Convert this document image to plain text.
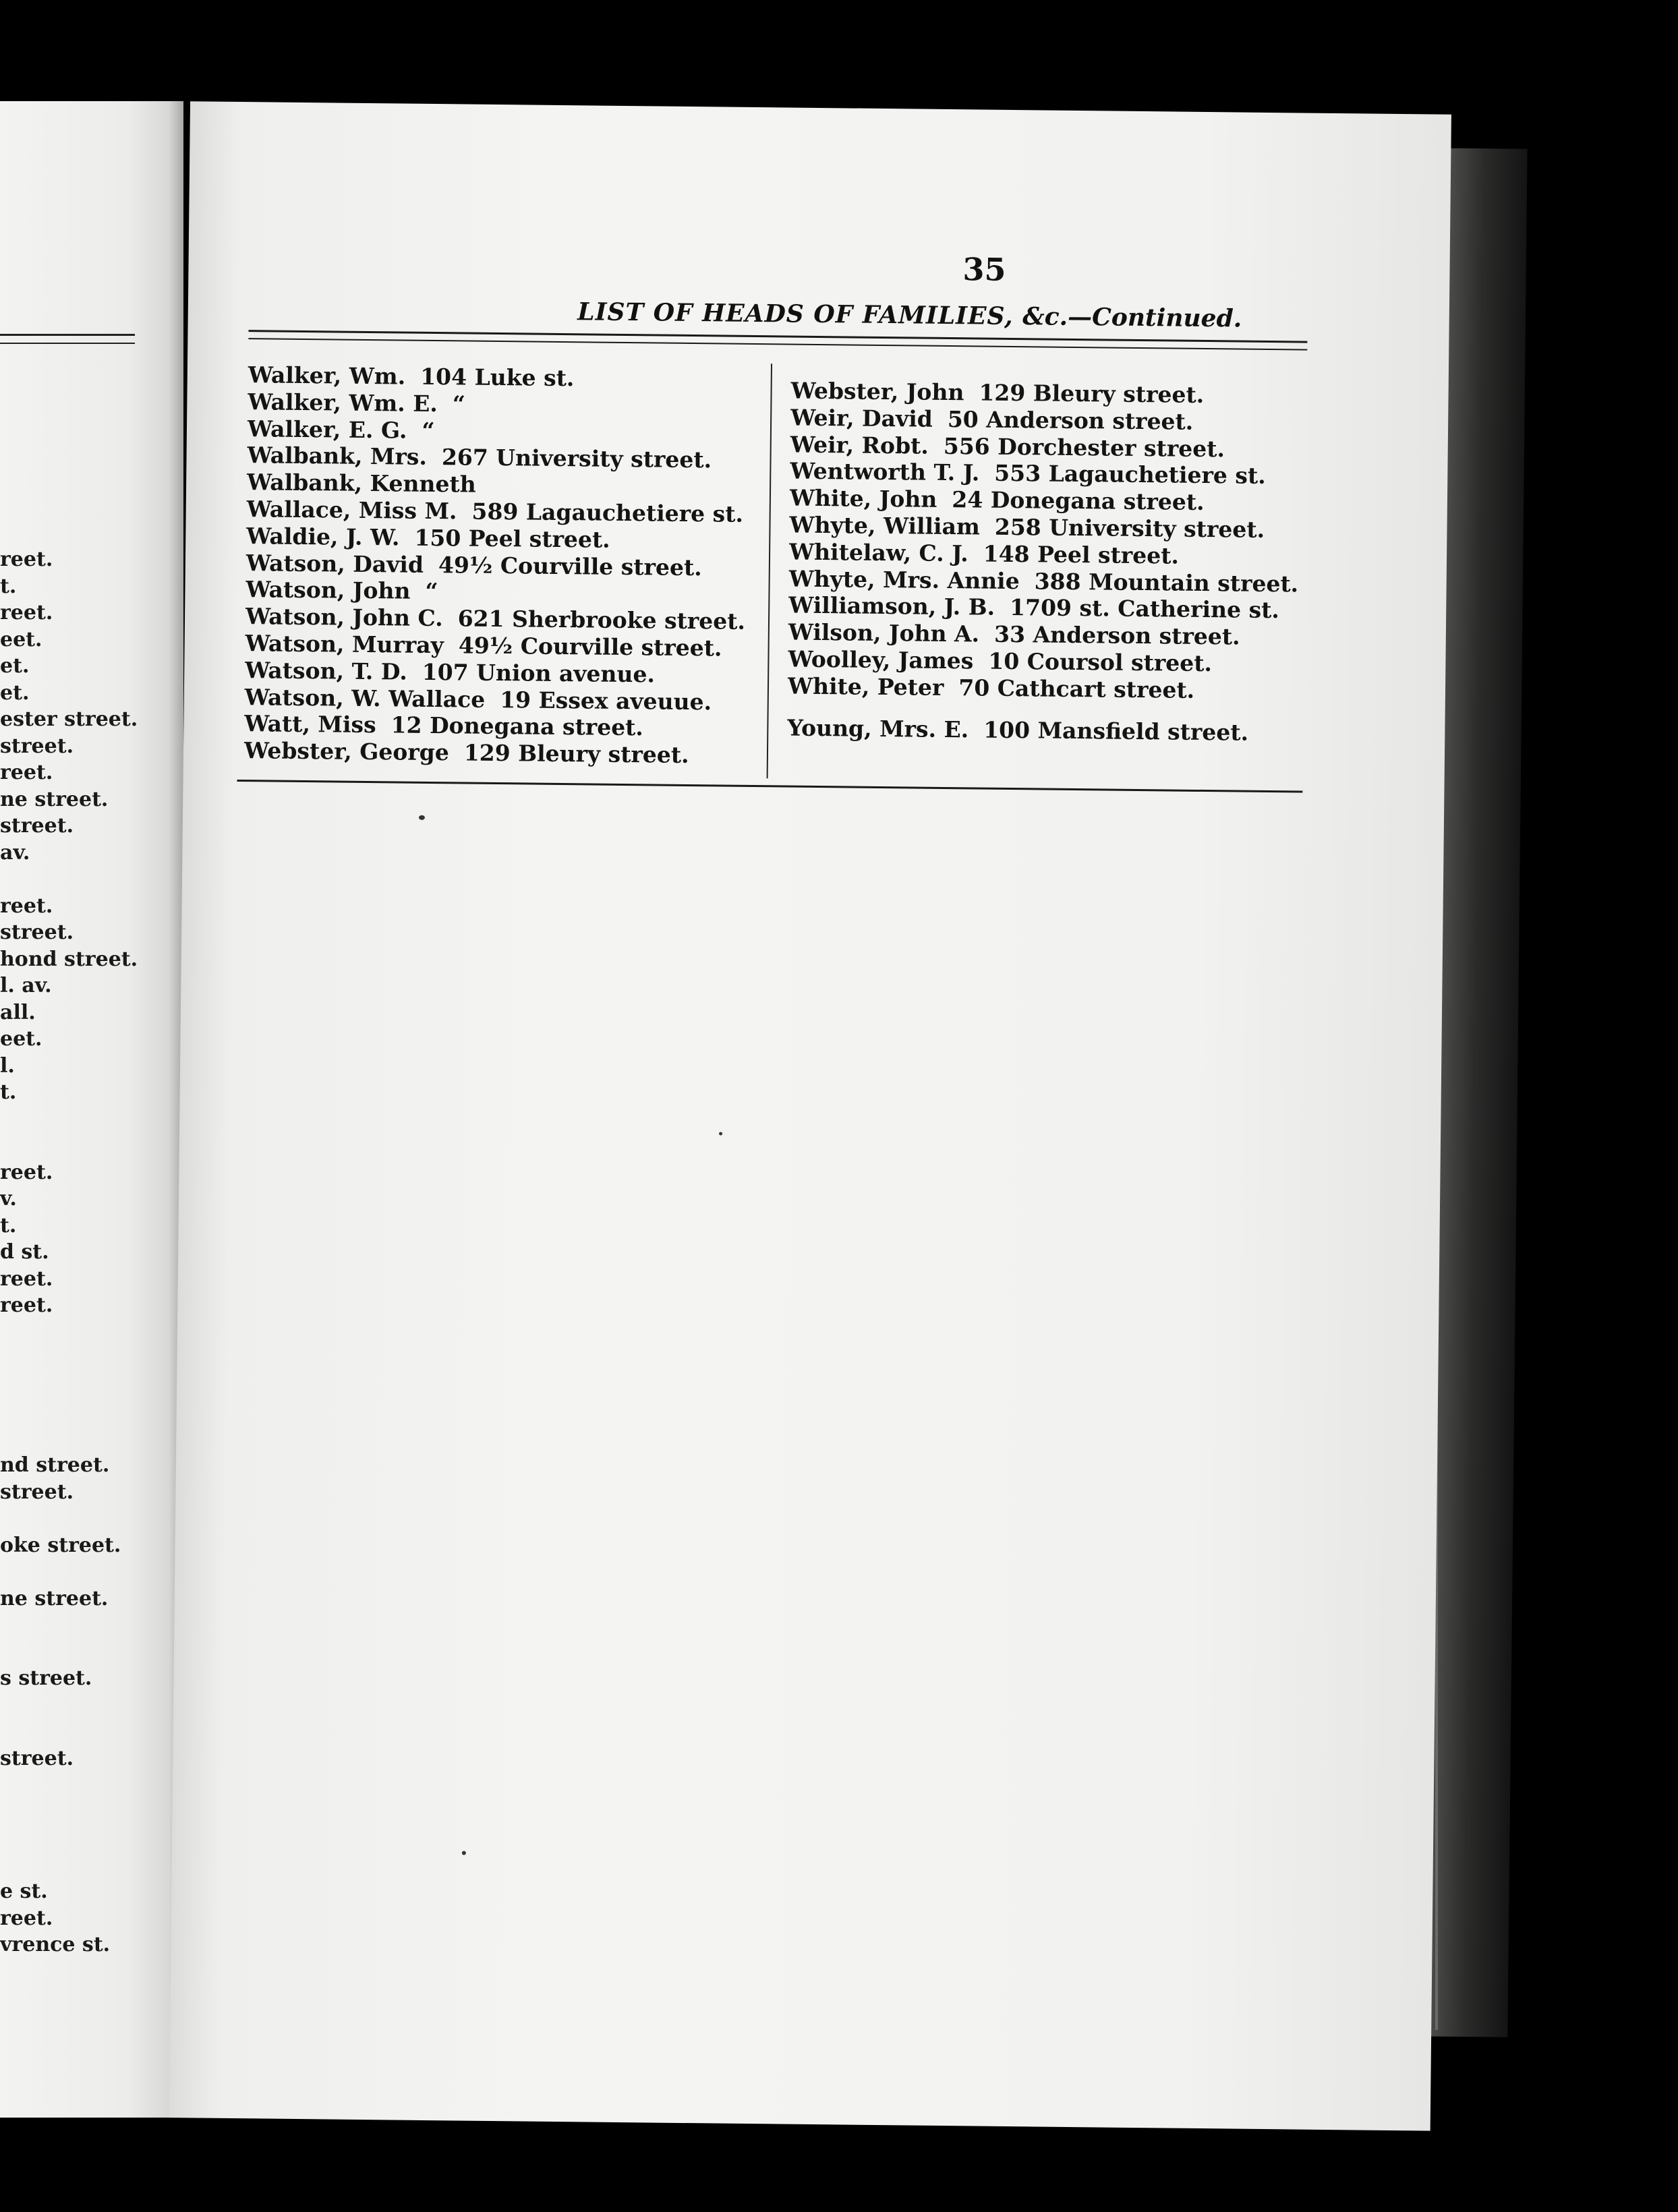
reet.
t.
reet.
eet.
et.
et.
ester street.
street.
reet.
ne street.
street.
av.
reet.
street.
hond street.
l. av.
all.
eet.
l.
t.
reet.
v.
t.
d st.
reet.
reet.
nd street.
street.
oke street.
ne street.
s street.
street.
e st.
reet.
vrence st.
35
LIST OF HEADS OF FAMILIES, &c.—Continued.
Walker, Wm. 104 Luke st.
Walker, Wm. E. “
Walker, E. G. “
Walbank, Mrs. 267 University street.
Walbank, Kenneth
Wallace, Miss M. 589 Lagauchetiere st.
Waldie, J. W. 150 Peel street.
Watson, David 49½ Courville street.
Watson, John “
Watson, John C. 621 Sherbrooke street.
Watson, Murray 49½ Courville street.
Watson, T. D. 107 Union avenue.
Watson, W. Wallace 19 Essex aveuue.
Watt, Miss 12 Donegana street.
Webster, George 129 Bleury street.
Webster, John 129 Bleury street.
Weir, David 50 Anderson street.
Weir, Robt. 556 Dorchester street.
Wentworth T. J. 553 Lagauchetiere st.
White, John 24 Donegana street.
Whyte, William 258 University street.
Whitelaw, C. J. 148 Peel street.
Whyte, Mrs. Annie 388 Mountain street.
Williamson, J. B. 1709 st. Catherine st.
Wilson, John A. 33 Anderson street.
Woolley, James 10 Coursol street.
White, Peter 70 Cathcart street.
Young, Mrs. E. 100 Mansfield street.
